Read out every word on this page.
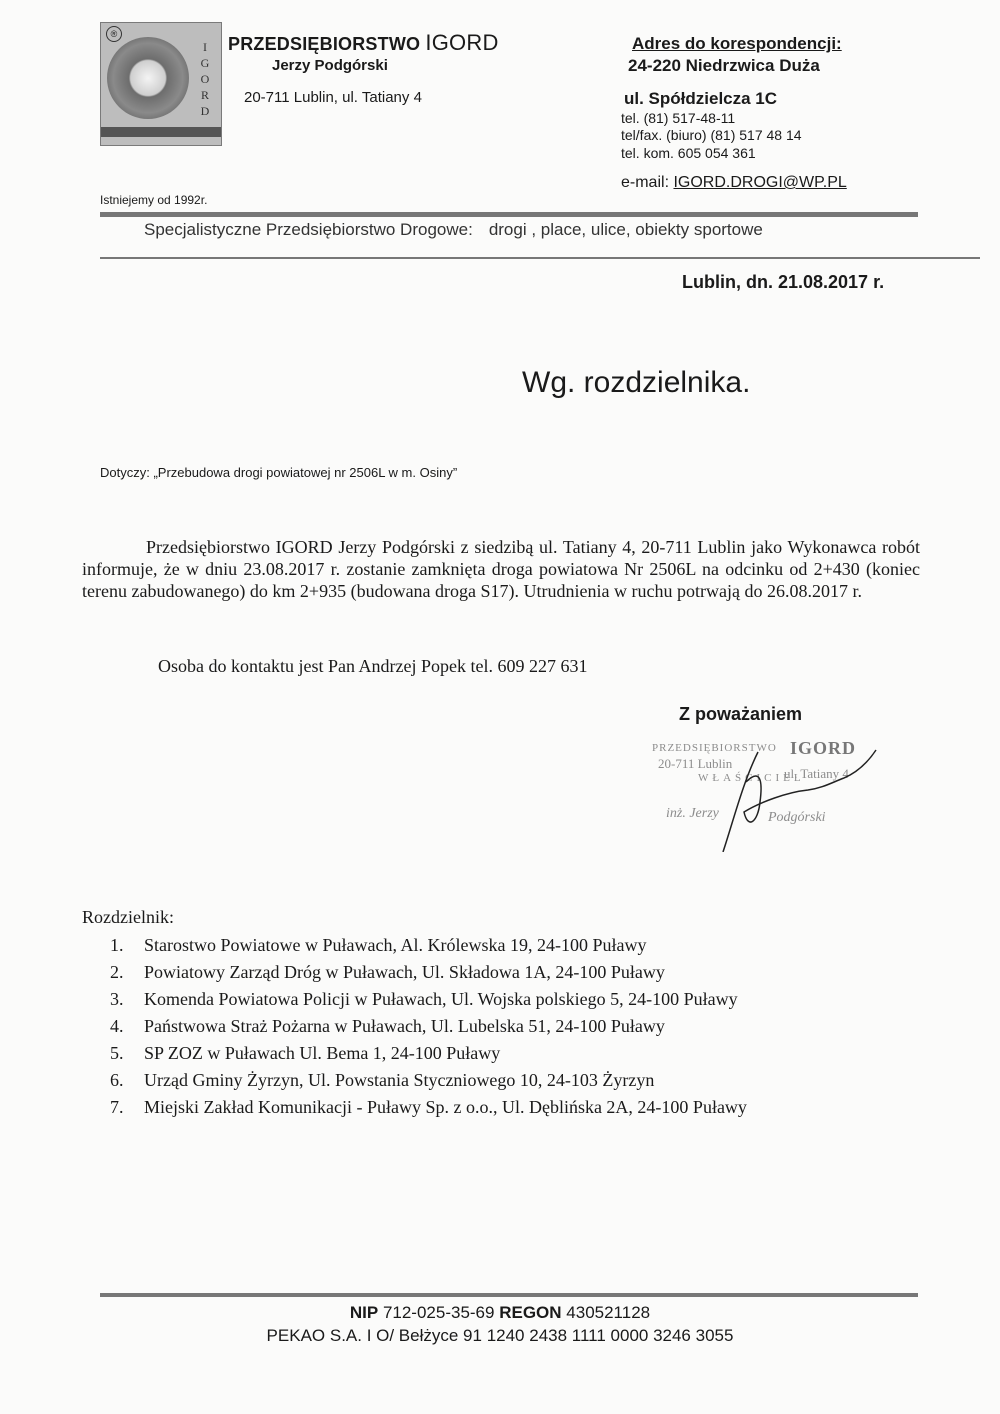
®
I
G
O
R
D
PRZEDSIĘBIORSTWO IGORD
Jerzy Podgórski
20-711 Lublin, ul. Tatiany 4
Istniejemy od 1992r.
Adres do korespondencji:
24-220 Niedrzwica Duża
ul. Spółdzielcza 1C
tel. (81) 517-48-11
tel/fax. (biuro) (81) 517 48 14
tel. kom. 605 054 361
e-mail: IGORD.DROGI@WP.PL
Specjalistyczne Przedsiębiorstwo Drogowe: drogi , place, ulice, obiekty sportowe
Lublin, dn. 21.08.2017 r.
Wg. rozdzielnika.
Dotyczy: „Przebudowa drogi powiatowej nr 2506L w m. Osiny”

Przedsiębiorstwo IGORD Jerzy Podgórski z siedzibą ul. Tatiany 4, 20-711 Lublin jako Wykonawca robót informuje, że w dniu 23.08.2017 r. zostanie zamknięta droga powiatowa Nr 2506L na odcinku od 2+430 (koniec terenu zabudowanego) do km 2+935 (budowana droga S17). Utrudnienia w ruchu potrwają do 26.08.2017 r.

Osoba do kontaktu jest Pan Andrzej Popek tel. 609 227 631
Z poważaniem
PRZEDSIĘBIORSTWO IGORD
20-711 Lublin
ul. Tatiany 4
WŁAŚCICIEL
inż. Jerzy	Podgórski
Rozdzielnik:
1. Starostwo Powiatowe w Puławach, Al. Królewska 19, 24-100 Puławy
2. Powiatowy Zarząd Dróg w Puławach, Ul. Składowa 1A, 24-100 Puławy
3. Komenda Powiatowa Policji w Puławach, Ul. Wojska polskiego 5, 24-100 Puławy
4. Państwowa Straż Pożarna w Puławach, Ul. Lubelska 51, 24-100 Puławy
5. SP ZOZ w Puławach Ul. Bema 1, 24-100 Puławy
6. Urząd Gminy Żyrzyn, Ul. Powstania Styczniowego 10, 24-103 Żyrzyn
7. Miejski Zakład Komunikacji - Puławy Sp. z o.o., Ul. Dęblińska 2A, 24-100 Puławy
NIP 712-025-35-69 REGON 430521128
PEKAO S.A. I O/ Bełżyce 91 1240 2438 1111 0000 3246 3055
